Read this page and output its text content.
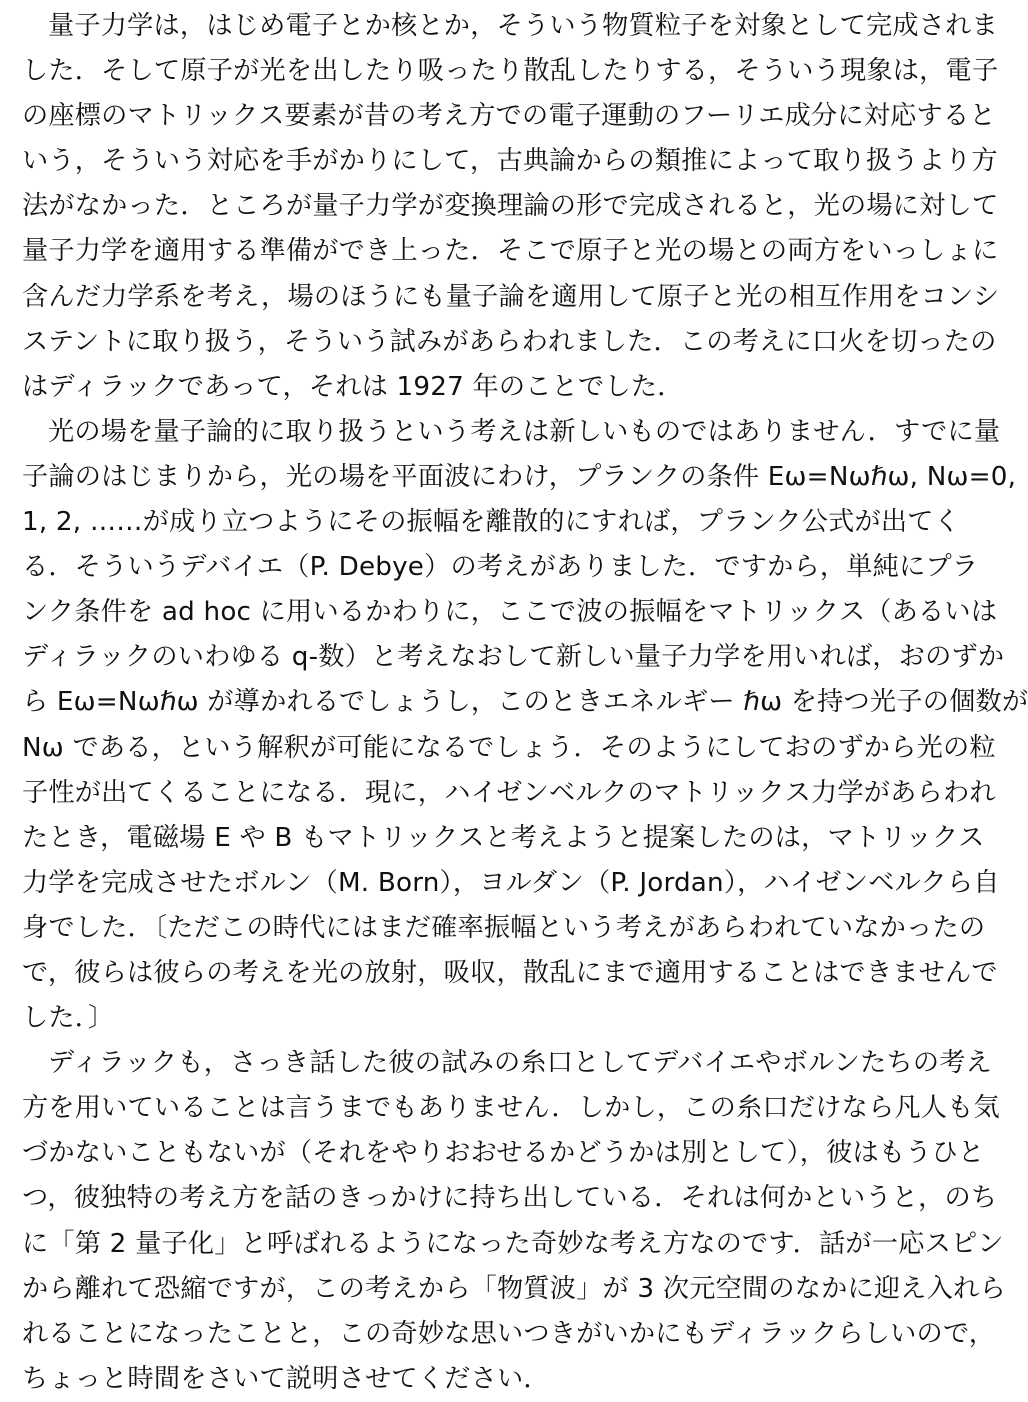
量子力学は，はじめ電子とか核とか，そういう物質粒子を対象として完成されま
した．そして原子が光を出したり吸ったり散乱したりする，そういう現象は，電子
の座標のマトリックス要素が昔の考え方での電子運動のフーリエ成分に対応すると
いう，そういう対応を手がかりにして，古典論からの類推によって取り扱うより方
法がなかった．ところが量子力学が変換理論の形で完成されると，光の場に対して
量子力学を適用する準備ができ上った．そこで原子と光の場との両方をいっしょに
含んだ力学系を考え，場のほうにも量子論を適用して原子と光の相互作用をコンシ
ステントに取り扱う，そういう試みがあらわれました．この考えに口火を切ったの
はディラックであって，それは 1927 年のことでした．
光の場を量子論的に取り扱うという考えは新しいものではありません．すでに量
子論のはじまりから，光の場を平面波にわけ，プランクの条件 Eω=Nωℏω, Nω=0,
1, 2, ……が成り立つようにその振幅を離散的にすれば，プランク公式が出てく
る．そういうデバイエ（P. Debye）の考えがありました．ですから，単純にプラ
ンク条件を ad hoc に用いるかわりに，ここで波の振幅をマトリックス（あるいは
ディラックのいわゆる q-数）と考えなおして新しい量子力学を用いれば，おのずか
ら Eω=Nωℏω が導かれるでしょうし，このときエネルギー ℏω を持つ光子の個数が
Nω である，という解釈が可能になるでしょう．そのようにしておのずから光の粒
子性が出てくることになる．現に，ハイゼンベルクのマトリックス力学があらわれ
たとき，電磁場 E や B もマトリックスと考えようと提案したのは，マトリックス
力学を完成させたボルン（M. Born），ヨルダン（P. Jordan），ハイゼンベルクら自
身でした．〔ただこの時代にはまだ確率振幅という考えがあらわれていなかったの
で，彼らは彼らの考えを光の放射，吸収，散乱にまで適用することはできませんで
した．〕
ディラックも，さっき話した彼の試みの糸口としてデバイエやボルンたちの考え
方を用いていることは言うまでもありません．しかし，この糸口だけなら凡人も気
づかないこともないが（それをやりおおせるかどうかは別として），彼はもうひと
つ，彼独特の考え方を話のきっかけに持ち出している．それは何かというと，のち
に「第 2 量子化」と呼ばれるようになった奇妙な考え方なのです．話が一応スピン
から離れて恐縮ですが，この考えから「物質波」が 3 次元空間のなかに迎え入れら
れることになったことと，この奇妙な思いつきがいかにもディラックらしいので，
ちょっと時間をさいて説明させてください．
